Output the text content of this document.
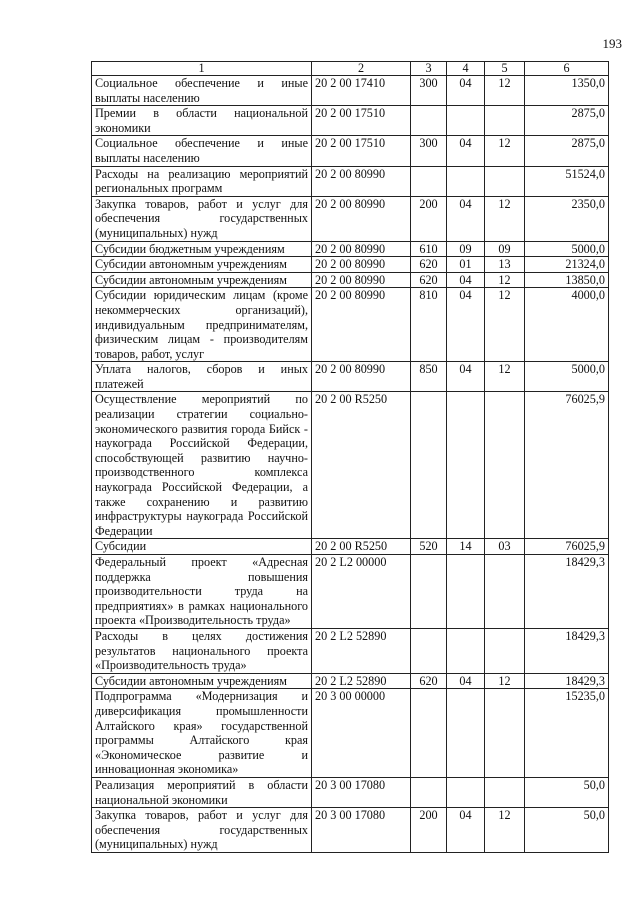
193
1	2	3	4	5	6
Социальное обеспечение и иные выплаты населению	20 2 00 17410	300	04	12	1350,0
Премии в области национальной экономики	20 2 00 17510				2875,0
Социальное обеспечение и иные выплаты населению	20 2 00 17510	300	04	12	2875,0
Расходы на реализацию мероприятий региональных программ	20 2 00 80990				51524,0
Закупка товаров, работ и услуг для обеспечения государственных (муниципальных) нужд	20 2 00 80990	200	04	12	2350,0
Субсидии бюджетным учреждениям	20 2 00 80990	610	09	09	5000,0
Субсидии автономным учреждениям	20 2 00 80990	620	01	13	21324,0
Субсидии автономным учреждениям	20 2 00 80990	620	04	12	13850,0
Субсидии юридическим лицам (кроме некоммерческих организаций), индивидуальным предпринимателям, физическим лицам - производителям товаров, работ, услуг	20 2 00 80990	810	04	12	4000,0
Уплата налогов, сборов и иных платежей	20 2 00 80990	850	04	12	5000,0
Осуществление мероприятий по реализации стратегии социально-экономического развития города Бийск - наукограда Российской Федерации, способствующей развитию научно-производственного комплекса наукограда Российской Федерации, а также сохранению и развитию инфраструктуры наукограда Российской Федерации	20 2 00 R5250				76025,9
Субсидии	20 2 00 R5250	520	14	03	76025,9
Федеральный проект «Адресная поддержка повышения производительности труда на предприятиях» в рамках национального проекта «Производительность труда»	20 2 L2 00000				18429,3
Расходы в целях достижения результатов национального проекта «Производительность труда»	20 2 L2 52890				18429,3
Субсидии автономным учреждениям	20 2 L2 52890	620	04	12	18429,3
Подпрограмма «Модернизация и диверсификация промышленности Алтайского края» государственной программы Алтайского края «Экономическое развитие и инновационная экономика»	20 3 00 00000				15235,0
Реализация мероприятий в области национальной экономики	20 3 00 17080				50,0
Закупка товаров, работ и услуг для обеспечения государственных (муниципальных) нужд	20 3 00 17080	200	04	12	50,0
